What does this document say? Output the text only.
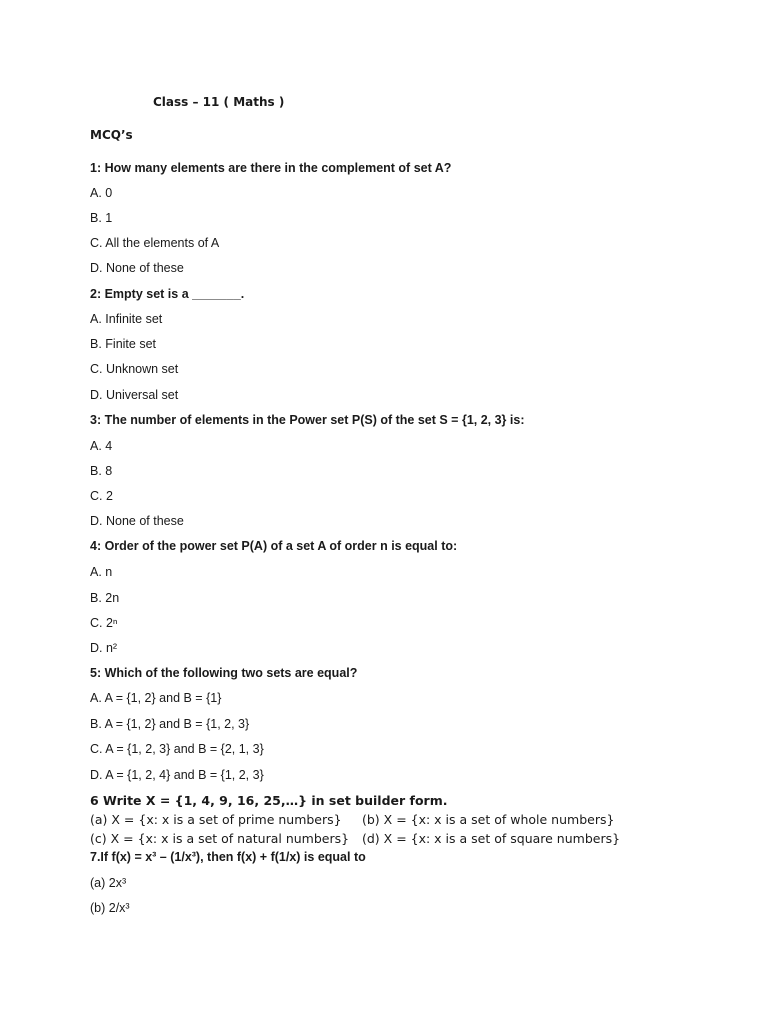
Class – 11 ( Maths )
MCQ’s
1: How many elements are there in the complement of set A?
A. 0
B. 1
C. All the elements of A
D. None of these
2: Empty set is a _______.
A. Infinite set
B. Finite set
C. Unknown set
D. Universal set
3: The number of elements in the Power set P(S) of the set S = {1, 2, 3} is:
A. 4
B. 8
C. 2
D. None of these
4: Order of the power set P(A) of a set A of order n is equal to:
A. n
B. 2n
C. 2ⁿ
D. n²
5: Which of the following two sets are equal?
A. A = {1, 2} and B = {1}
B. A = {1, 2} and B = {1, 2, 3}
C. A = {1, 2, 3} and B = {2, 1, 3}
D. A = {1, 2, 4} and B = {1, 2, 3}
6 Write X = {1, 4, 9, 16, 25,…} in set builder form.
(a) X = {x: x is a set of prime numbers} (b) X = {x: x is a set of whole numbers}
(c) X = {x: x is a set of natural numbers} (d) X = {x: x is a set of square numbers}
7.If f(x) = x³ – (1/x³), then f(x) + f(1/x) is equal to
(a) 2x³
(b) 2/x³
